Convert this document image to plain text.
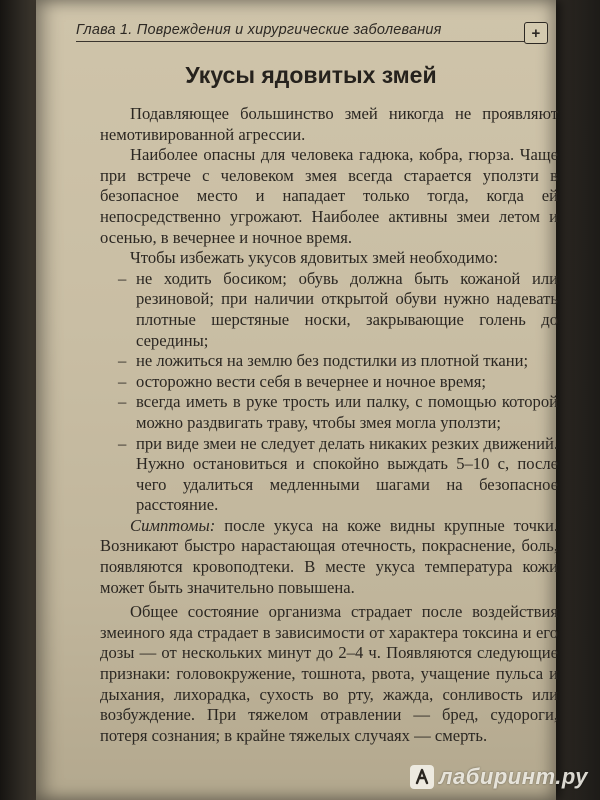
Глава 1. Повреждения и хирургические заболевания	+
Укусы ядовитых змей

Подавляющее большинство змей никогда не проявляют немотивированной агрессии.

Наиболее опасны для человека гадюка, кобра, гюрза. Чаще при встрече с человеком змея всегда старается уползти в безопасное место и нападает только тогда, когда ей непосредственно угрожают. Наиболее активны змеи летом и осенью, в вечернее и ночное время.

Чтобы избежать укусов ядовитых змей необходимо:

– не ходить босиком; обувь должна быть кожаной или резиновой; при наличии открытой обуви нужно надевать плотные шерстяные носки, закрывающие голень до середины;
– не ложиться на землю без подстилки из плотной ткани;
– осторожно вести себя в вечернее и ночное время;
– всегда иметь в руке трость или палку, с помощью которой можно раздвигать траву, чтобы змея могла уползти;
– при виде змеи не следует делать никаких резких движений. Нужно остановиться и спокойно выждать 5–10 с, после чего удалиться медленными шагами на безопасное расстояние.

Симптомы: после укуса на коже видны крупные точки. Возникают быстро нарастающая отечность, покраснение, боль, появляются кровоподтеки. В месте укуса температура кожи может быть значительно повышена.

Общее состояние организма страдает после воздействия змеиного яда страдает в зависимости от характера токсина и его дозы — от нескольких минут до 2–4 ч. Появляются следующие признаки: головокружение, тошнота, рвота, учащение пульса и дыхания, лихорадка, сухость во рту, жажда, сонливость или возбуждение. При тяжелом отравлении — бред, судороги, потеря сознания; в крайне тяжелых случаях — смерть.

лабиринт.ру
